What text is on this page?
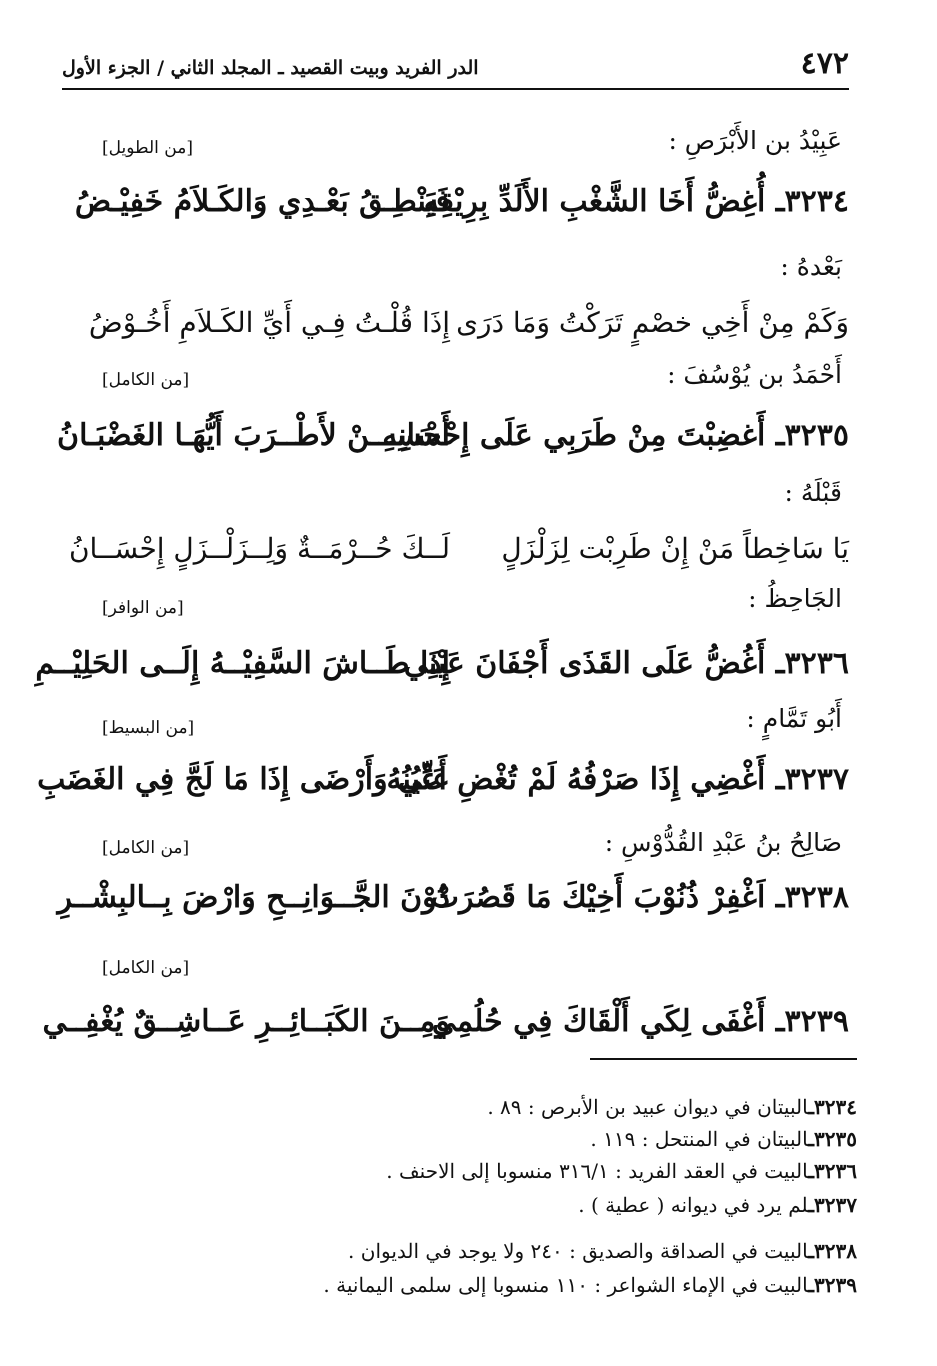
٤٧٢
الدر الفريد وبيت القصيد ـ المجلد الثاني / الجزء الأول
عَبِيْدُ بن الأَبْرَصِ :
[من الطويل]
٣٢٣٤ـ أُغِضُّ أَخَا الشَّغْبِ الأَلَدِّ بِرِيْقِهِ
فَيَنْطِـقُ بَعْـدِي وَالكَـلاَمُ خَفِيْـضُ
بَعْدهُ :
وَكَمْ مِنْ أَخِي خصْمٍ تَرَكْتُ وَمَا دَرَى
إِذَا قُلْـتُ فِـي أَيِّ الكَـلاَمِ أَخُـوْضُ
أَحْمَدُ بن يُوْسُفَ :
[من الكامل]
٣٢٣٥ـ أَغضِبْتَ مِنْ طَرَبِي عَلَى إِحْسَانِهِ
أَحْسِـــنْ لأَطْــرَبَ أَيُّهَـا الغَضْبَـانُ
قَبْلَهُ :
يَا سَاخِطاً مَنْ إِنْ طَرِبْت لِزَلْزَلٍ
لَــكَ حُــرْمَــةٌ وَلِــزَلْــزَلٍ إِحْسَــانُ
الجَاحِظُ :
[من الوافر]
٣٢٣٦ـ أَغُضُّ عَلَى القَذَى أَجْفَانَ عَيْنِي
إِذَا طَــاشَ السَّفِيْــهُ إِلَــى الحَلِيْــمِ
أَبُو تَمَّامٍ :
[من البسيط]
٣٢٣٧ـ أَغْضِي إِذَا صَرْفُهُ لَمْ تُغْضِ أَعْيُنُهُ
عَنِّي وَأَرْضَى إِذَا مَا لَجَّ فِي الغَضَبِ
صَالِحُ بنُ عَبْدِ القُدُّوْسِ :
[من الكامل]
٣٢٣٨ـ اَغْفِرْ ذُنُوْبَ أَخِيْكَ مَا قَصُرَتْ
دُوْنَ الجَّــوَانِــحِ وَارْضَ بِــالبِشْــرِ
[من الكامل]
٣٢٣٩ـ أَغْفَى لِكَي أَلْقَاكَ فِي حُلُمِي
وَمِــنَ الكَبَــائِــرِ عَــاشِــقٌ يُغْفِــي
٣٢٣٤ـالبيتان في ديوان عبيد بن الأبرص : ٨٩ .
٣٢٣٥ـالبيتان في المنتحل : ١١٩ .
٣٢٣٦ـالبيت في العقد الفريد : ٣١٦/١ منسوبا إلى الاحنف .
٣٢٣٧ـلم يرد في ديوانه ( عطية ) .
٣٢٣٨ـالبيت في الصداقة والصديق : ٢٤٠ ولا يوجد في الديوان .
٣٢٣٩ـالبيت في الإماء الشواعر : ١١٠ منسوبا إلى سلمى اليمانية .
